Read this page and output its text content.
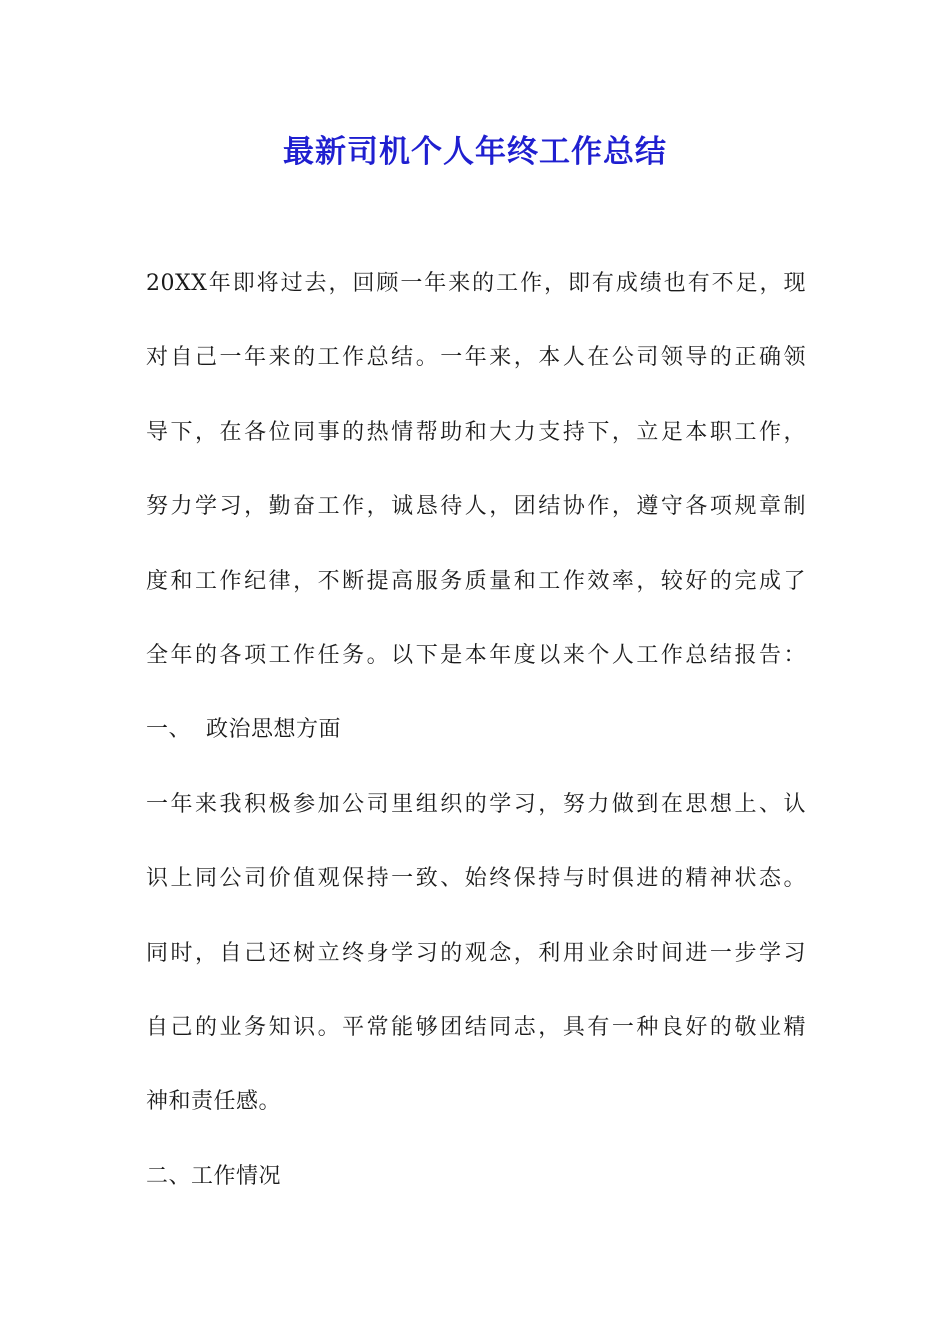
最新司机个人年终工作总结
20XX年即将过去，回顾一年来的工作，即有成绩也有不足，现
对自己一年来的工作总结。一年来，本人在公司领导的正确领
导下，在各位同事的热情帮助和大力支持下，立足本职工作，
努力学习，勤奋工作，诚恳待人，团结协作，遵守各项规章制
度和工作纪律，不断提高服务质量和工作效率，较好的完成了
全年的各项工作任务。以下是本年度以来个人工作总结报告：
一、  政治思想方面
一年来我积极参加公司里组织的学习，努力做到在思想上、认
识上同公司价值观保持一致、始终保持与时俱进的精神状态。
同时，自己还树立终身学习的观念，利用业余时间进一步学习
自己的业务知识。平常能够团结同志，具有一种良好的敬业精
神和责任感。
二、工作情况
